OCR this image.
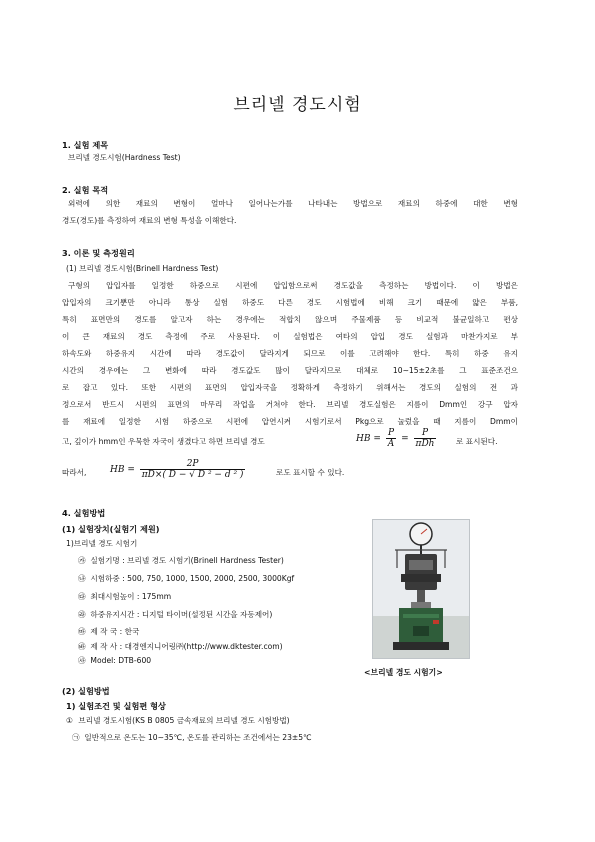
브리넬 경도시험
1. 실험 제목
브리넬 경도시험(Hardness Test)
2. 실험 목적
외력에 의한 재료의 변형이 얼마나 일어나는가를 나타내는 방법으로 재료의 하중에 대한 변형
경도(경도)를 측정하여 재료의 변형 특성을 이해한다.
3. 이론 및 측정원리
(1) 브리넬 경도시험(Brinell Hardness Test)
구형의 압입자를 일정한 하중으로 시편에 압입함으로써 경도값을 측정하는 방법이다. 이 방법은
압입자의 크기뿐만 아니라 통상 실험 하중도 다른 경도 시험법에 비해 크기 때문에 얇은 부품,
특히 표면만의 경도를 알고자 하는 경우에는 적합치 않으며 주물제품 등 비교적 불균일하고 편상
이 큰 재료의 경도 측정에 주로 사용된다. 이 실험법은 여타의 압입 경도 실험과 마찬가지로 부
하속도와 하중유지 시간에 따라 경도값이 달라지게 되므로 이를 고려해야 한다. 특히 하중 유지
시간의 경우에는 그 변화에 따라 경도값도 많이 달라지므로 대체로 10~15±2초를 그 표준조건으
로 잡고 있다. 또한 시편의 표면의 압입자국을 정확하게 측정하기 위해서는 경도의 실험의 전 과
정으로서 반드시 시편의 표면의 마무리 작업을 거쳐야 한다. 브리넬 경도실험은 지름이 Dmm인 강구 압자
를 재료에 일정한 시험 하중으로 시편에 압연시켜 시험기로서 Pkg으로 눌렀을 때 지름이 Dmm이
고, 깊이가 hmm인 우묵한 자국이 생겼다고 하면 브리넬 경도	HB = $\frac{P}{A} = \frac{P}{\text{πDh}}$	로 표시된다.
따라서,	HB = $\frac{2P}{\text{πD×( D − √ D ² − d ² )}}$	로도 표시할 수 있다.
4. 실험방법
(1) 실험장치(실험기 제원)
1)브리넬 경도 시험기
㉮ 실험기명 : 브리넬 경도 시험기(Brinell Hardness Tester)
㉯ 시험하중 : 500, 750, 1000, 1500, 2000, 2500, 3000Kgf
㉰ 최대시험높이 : 175mm
㉱ 하중유지시간 : 디지털 타이머(설정된 시간을 자동제어)
㉲ 제 작 국 : 한국
㉳ 제 작 사 : 대경엔지니어링㈜(http://www.dktester.com)
㉴ Model: DTB-600
<브리넬 경도 시험기>
(2) 실험방법
1) 실험조건 및 실험편 형상
① 브리넬 경도시험(KS B 0805 금속재료의 브리넬 경도 시험방법)
㉠ 일반적으로 온도는 10~35℃, 온도를 관리하는 조건에서는 23±5℃
